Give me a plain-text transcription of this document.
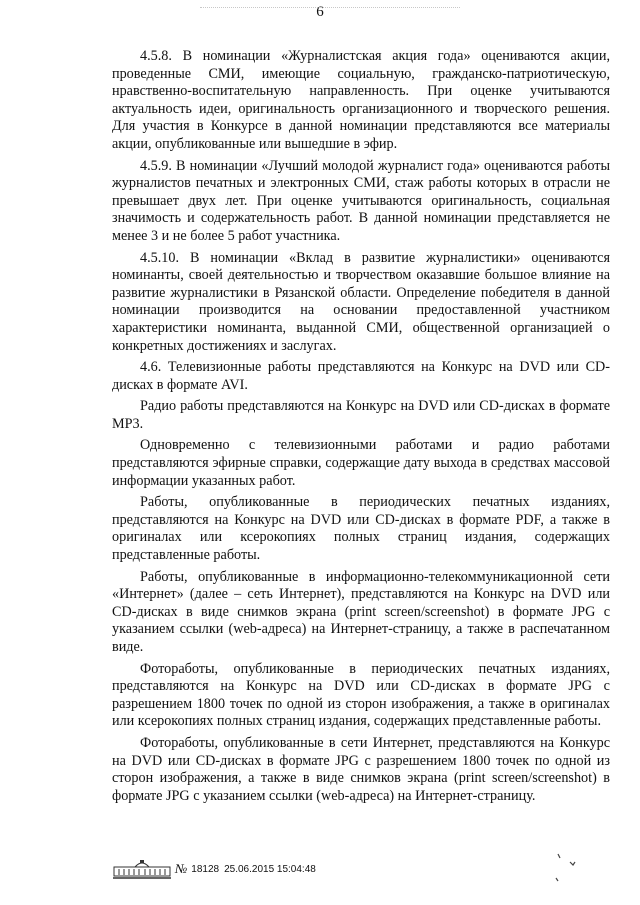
6

4.5.8. В номинации «Журналистская акция года» оцениваются акции, проведенные СМИ, имеющие социальную, гражданско-патриотическую, нравственно-воспитательную направленность. При оценке учитываются актуальность идеи, оригинальность организационного и творческого решения. Для участия в Конкурсе в данной номинации представляются все материалы акции, опубликованные или вышедшие в эфир.

4.5.9. В номинации «Лучший молодой журналист года» оцениваются работы журналистов печатных и электронных СМИ, стаж работы которых в отрасли не превышает двух лет. При оценке учитываются оригинальность, социальная значимость и содержательность работ. В данной номинации представляется не менее 3 и не более 5 работ участника.

4.5.10. В номинации «Вклад в развитие журналистики» оцениваются номинанты, своей деятельностью и творчеством оказавшие большое влияние на развитие журналистики в Рязанской области. Определение победителя в данной номинации производится на основании предоставленной участником характеристики номинанта, выданной СМИ, общественной организацией о конкретных достижениях и заслугах.

4.6. Телевизионные работы представляются на Конкурс на DVD или CD-дисках в формате AVI.

Радио работы представляются на Конкурс на DVD или CD-дисках в формате MP3.

Одновременно с телевизионными работами и радио работами представляются эфирные справки, содержащие дату выхода в средствах массовой информации указанных работ.

Работы, опубликованные в периодических печатных изданиях, представляются на Конкурс на DVD или CD-дисках в формате PDF, а также в оригиналах или ксерокопиях полных страниц издания, содержащих представленные работы.

Работы, опубликованные в информационно-телекоммуникационной сети «Интернет» (далее – сеть Интернет), представляются на Конкурс на DVD или CD-дисках в виде снимков экрана (print screen/screenshot) в формате JPG с указанием ссылки (web-адреса) на Интернет-страницу, а также в распечатанном виде.

Фотоработы, опубликованные в периодических печатных изданиях, представляются на Конкурс на DVD или CD-дисках в формате JPG с разрешением 1800 точек по одной из сторон изображения, а также в оригиналах или ксерокопиях полных страниц издания, содержащих представленные работы.

Фотоработы, опубликованные в сети Интернет, представляются на Конкурс на DVD или CD-дисках в формате JPG с разрешением 1800 точек по одной из сторон изображения, а также в виде снимков экрана (print screen/screenshot) в формате JPG с указанием ссылки (web-адреса) на Интернет-страницу.

№ 18128 25.06.2015 15:04:48
